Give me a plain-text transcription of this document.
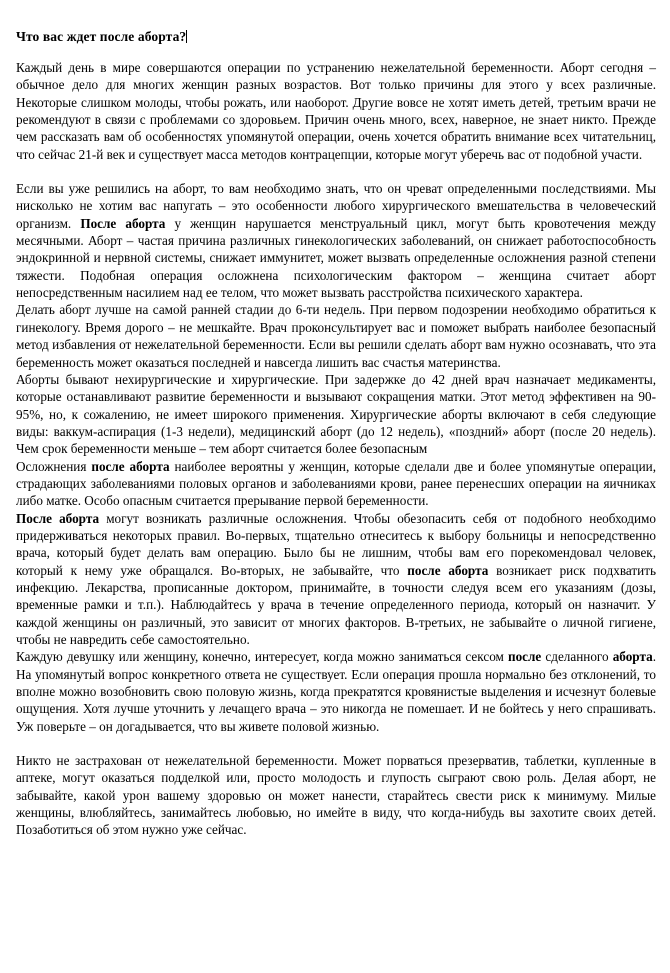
Что вас ждет после аборта?

Каждый день в мире совершаются операции по устранению нежелательной беременности. Аборт сегодня – обычное дело для многих женщин разных возрастов. Вот только причины для этого у всех различные. Некоторые слишком молоды, чтобы рожать, или наоборот. Другие вовсе не хотят иметь детей, третьим врачи не рекомендуют в связи с проблемами со здоровьем. Причин очень много, всех, наверное, не знает никто. Прежде чем рассказать вам об особенностях упомянутой операции, очень хочется обратить внимание всех читательниц, что сейчас 21-й век и существует масса методов контрацепции, которые могут уберечь вас от подобной участи.

Если вы уже решились на аборт, то вам необходимо знать, что он чреват определенными последствиями. Мы нисколько не хотим вас напугать – это особенности любого хирургического вмешательства в человеческий организм. После аборта у женщин нарушается менструальный цикл, могут быть кровотечения между месячными. Аборт – частая причина различных гинекологических заболеваний, он снижает работоспособность эндокринной и нервной системы, снижает иммунитет, может вызвать определенные осложнения разной степени тяжести. Подобная операция осложнена психологическим фактором – женщина считает аборт непосредственным насилием над ее телом, что может вызвать расстройства психического характера.

Делать аборт лучше на самой ранней стадии до 6-ти недель. При первом подозрении необходимо обратиться к гинекологу. Время дорого – не мешкайте. Врач проконсультирует вас и поможет выбрать наиболее безопасный метод избавления от нежелательной беременности. Если вы решили сделать аборт вам нужно осознавать, что эта беременность может оказаться последней и навсегда лишить вас счастья материнства.

Аборты бывают нехирургические и хирургические. При задержке до 42 дней врач назначает медикаменты, которые останавливают развитие беременности и вызывают сокращения матки. Этот метод эффективен на 90-95%, но, к сожалению, не имеет широкого применения. Хирургические аборты включают в себя следующие виды: ваккум-аспирация (1-3 недели), медицинский аборт (до 12 недель), «поздний» аборт (после 20 недель). Чем срок беременности меньше – тем аборт считается более безопасным

Осложнения после аборта наиболее вероятны у женщин, которые сделали две и более упомянутые операции, страдающих заболеваниями половых органов и заболеваниями крови, ранее перенесших операции на яичниках либо матке. Особо опасным считается прерывание первой беременности.

После аборта могут возникать различные осложнения. Чтобы обезопасить себя от подобного необходимо придерживаться некоторых правил. Во-первых, тщательно отнеситесь к выбору больницы и непосредственно врача, который будет делать вам операцию. Было бы не лишним, чтобы вам его порекомендовал человек, который к нему уже обращался. Во-вторых, не забывайте, что после аборта возникает риск подхватить инфекцию. Лекарства, прописанные доктором, принимайте, в точности следуя всем его указаниям (дозы, временные рамки и т.п.). Наблюдайтесь у врача в течение определенного периода, который он назначит. У каждой женщины он различный, это зависит от многих факторов. В-третьих, не забывайте о личной гигиене, чтобы не навредить себе самостоятельно.

Каждую девушку или женщину, конечно, интересует, когда можно заниматься сексом после сделанного аборта. На упомянутый вопрос конкретного ответа не существует. Если операция прошла нормально без отклонений, то вполне можно возобновить свою половую жизнь, когда прекратятся кровянистые выделения и исчезнут болевые ощущения. Хотя лучше уточнить у лечащего врача – это никогда не помешает. И не бойтесь у него спрашивать. Уж поверьте – он догадывается, что вы живете половой жизнью.

Никто не застрахован от нежелательной беременности. Может порваться презерватив, таблетки, купленные в аптеке, могут оказаться подделкой или, просто молодость и глупость сыграют свою роль. Делая аборт, не забывайте, какой урон вашему здоровью он может нанести, старайтесь свести риск к минимуму. Милые женщины, влюбляйтесь, занимайтесь любовью, но имейте в виду, что когда-нибудь вы захотите своих детей. Позаботиться об этом нужно уже сейчас.
